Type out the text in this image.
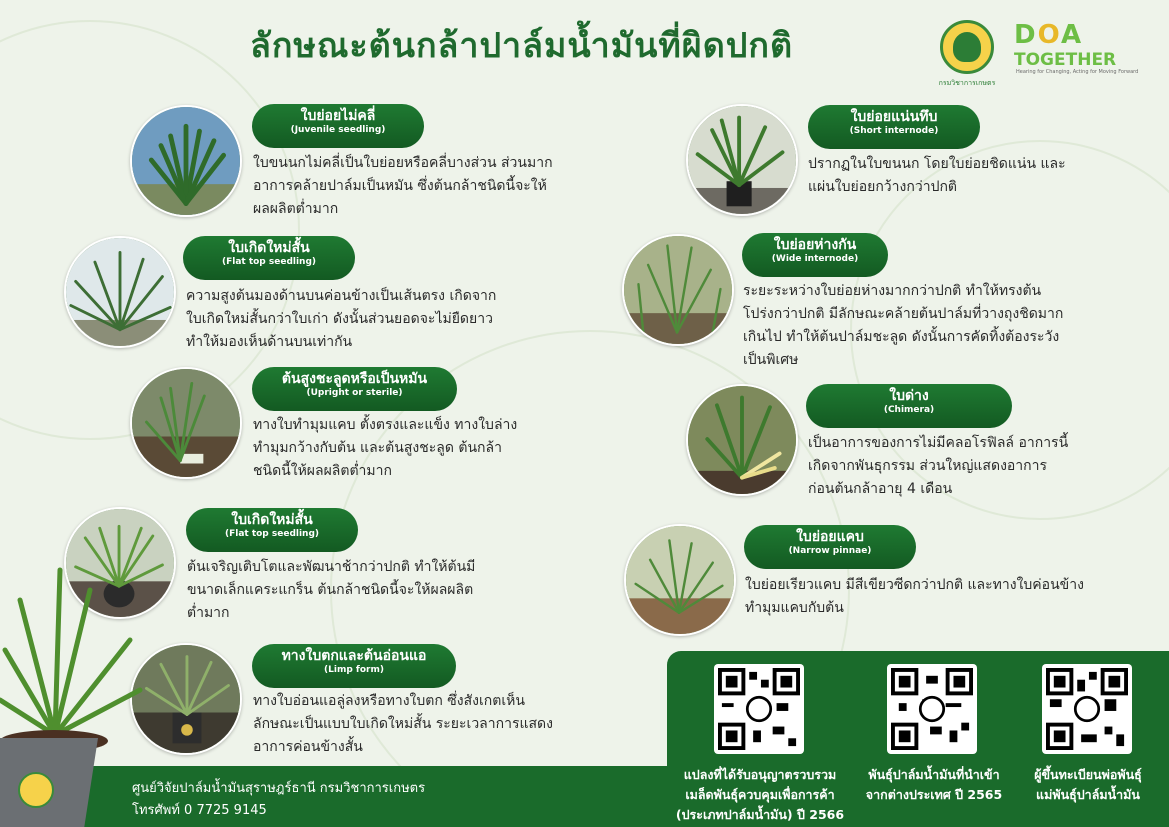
ลักษณะต้นกล้าปาล์มน้ำมันที่ผิดปกติ
กรมวิชาการเกษตร
DOA
TOGETHER
Hearing for Changing, Acting for Moving Forward
ใบย่อยไม่คลี่
(Juvenile seedling)
ใบขนนกไม่คลี่เป็นใบย่อยหรือคลี่บางส่วน ส่วนมาก
อาการคล้ายปาล์มเป็นหมัน ซึ่งต้นกล้าชนิดนี้จะให้
ผลผลิตต่ำมาก
ใบเกิดใหม่สั้น
(Flat top seedling)
ความสูงต้นมองด้านบนค่อนข้างเป็นเส้นตรง เกิดจาก
ใบเกิดใหม่สั้นกว่าใบเก่า ดังนั้นส่วนยอดจะไม่ยืดยาว
ทำให้มองเห็นด้านบนเท่ากัน
ต้นสูงชะลูดหรือเป็นหมัน
(Upright or sterile)
ทางใบทำมุมแคบ ตั้งตรงและแข็ง ทางใบล่าง
ทำมุมกว้างกับต้น และต้นสูงชะลูด ต้นกล้า
ชนิดนี้ให้ผลผลิตต่ำมาก
ใบเกิดใหม่สั้น
(Flat top seedling)
ต้นเจริญเติบโตและพัฒนาช้ากว่าปกติ ทำให้ต้นมี
ขนาดเล็กแคระแกร็น ต้นกล้าชนิดนี้จะให้ผลผลิต
ต่ำมาก
ทางใบตกและต้นอ่อนแอ
(Limp form)
ทางใบอ่อนแอลู่ลงหรือทางใบตก ซึ่งสังเกตเห็น
ลักษณะเป็นแบบใบเกิดใหม่สั้น ระยะเวลาการแสดง
อาการค่อนข้างสั้น
ใบย่อยแน่นทึบ
(Short internode)
ปรากฏในใบขนนก โดยใบย่อยชิดแน่น และ
แผ่นใบย่อยกว้างกว่าปกติ
ใบย่อยห่างกัน
(Wide internode)
ระยะระหว่างใบย่อยห่างมากกว่าปกติ ทำให้ทรงต้น
โปร่งกว่าปกติ มีลักษณะคล้ายต้นปาล์มที่วางถุงชิดมาก
เกินไป ทำให้ต้นปาล์มชะลูด ดังนั้นการคัดทิ้งต้องระวัง
เป็นพิเศษ
ใบด่าง
(Chimera)
เป็นอาการของการไม่มีคลอโรฟิลล์ อาการนี้
เกิดจากพันธุกรรม ส่วนใหญ่แสดงอาการ
ก่อนต้นกล้าอายุ 4 เดือน
ใบย่อยแคบ
(Narrow pinnae)
ใบย่อยเรียวแคบ มีสีเขียวซีดกว่าปกติ และทางใบค่อนข้าง
ทำมุมแคบกับต้น
ศูนย์วิจัยปาล์มน้ำมันสุราษฎร์ธานี กรมวิชาการเกษตร
โทรศัพท์ 0 7725 9145
แปลงที่ได้รับอนุญาตรวบรวม
เมล็ดพันธุ์ควบคุมเพื่อการค้า
(ประเภทปาล์มน้ำมัน) ปี 2566
พันธุ์ปาล์มน้ำมันที่นำเข้า
จากต่างประเทศ ปี 2565
ผู้ขึ้นทะเบียนพ่อพันธุ์
แม่พันธุ์ปาล์มน้ำมัน
